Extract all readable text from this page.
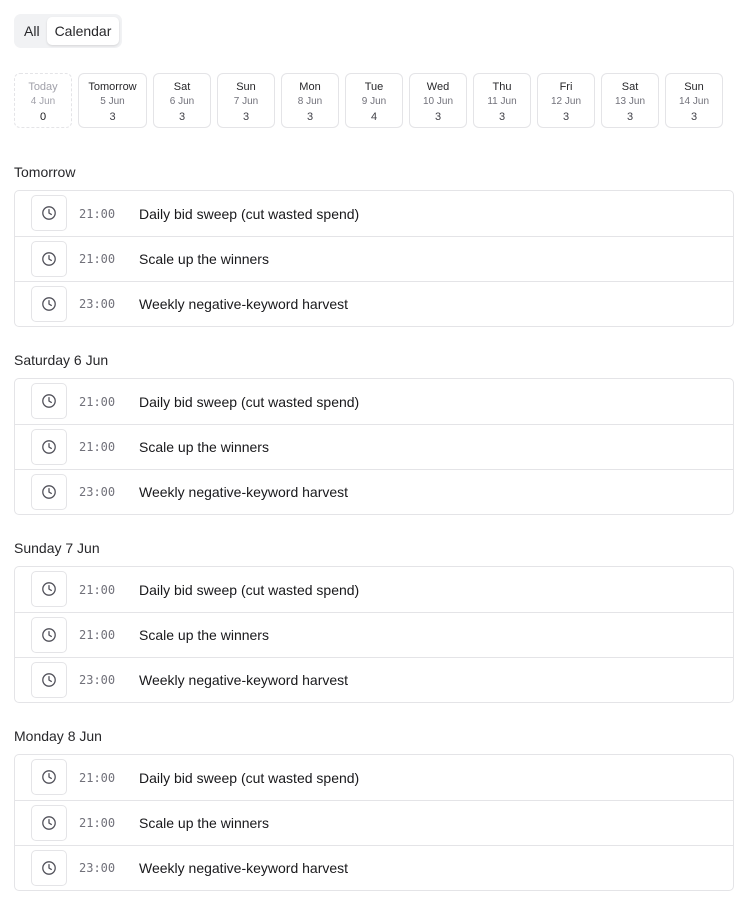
All	Calendar
Today
4 Jun
0
Tomorrow
5 Jun
3
Sat
6 Jun
3
Sun
7 Jun
3
Mon
8 Jun
3
Tue
9 Jun
4
Wed
10 Jun
3
Thu
11 Jun
3
Fri
12 Jun
3
Sat
13 Jun
3
Sun
14 Jun
3
Tomorrow
21:00 Daily bid sweep (cut wasted spend)
21:00 Scale up the winners
23:00 Weekly negative-keyword harvest
Saturday 6 Jun
21:00 Daily bid sweep (cut wasted spend)
21:00 Scale up the winners
23:00 Weekly negative-keyword harvest
Sunday 7 Jun
21:00 Daily bid sweep (cut wasted spend)
21:00 Scale up the winners
23:00 Weekly negative-keyword harvest
Monday 8 Jun
21:00 Daily bid sweep (cut wasted spend)
21:00 Scale up the winners
23:00 Weekly negative-keyword harvest
